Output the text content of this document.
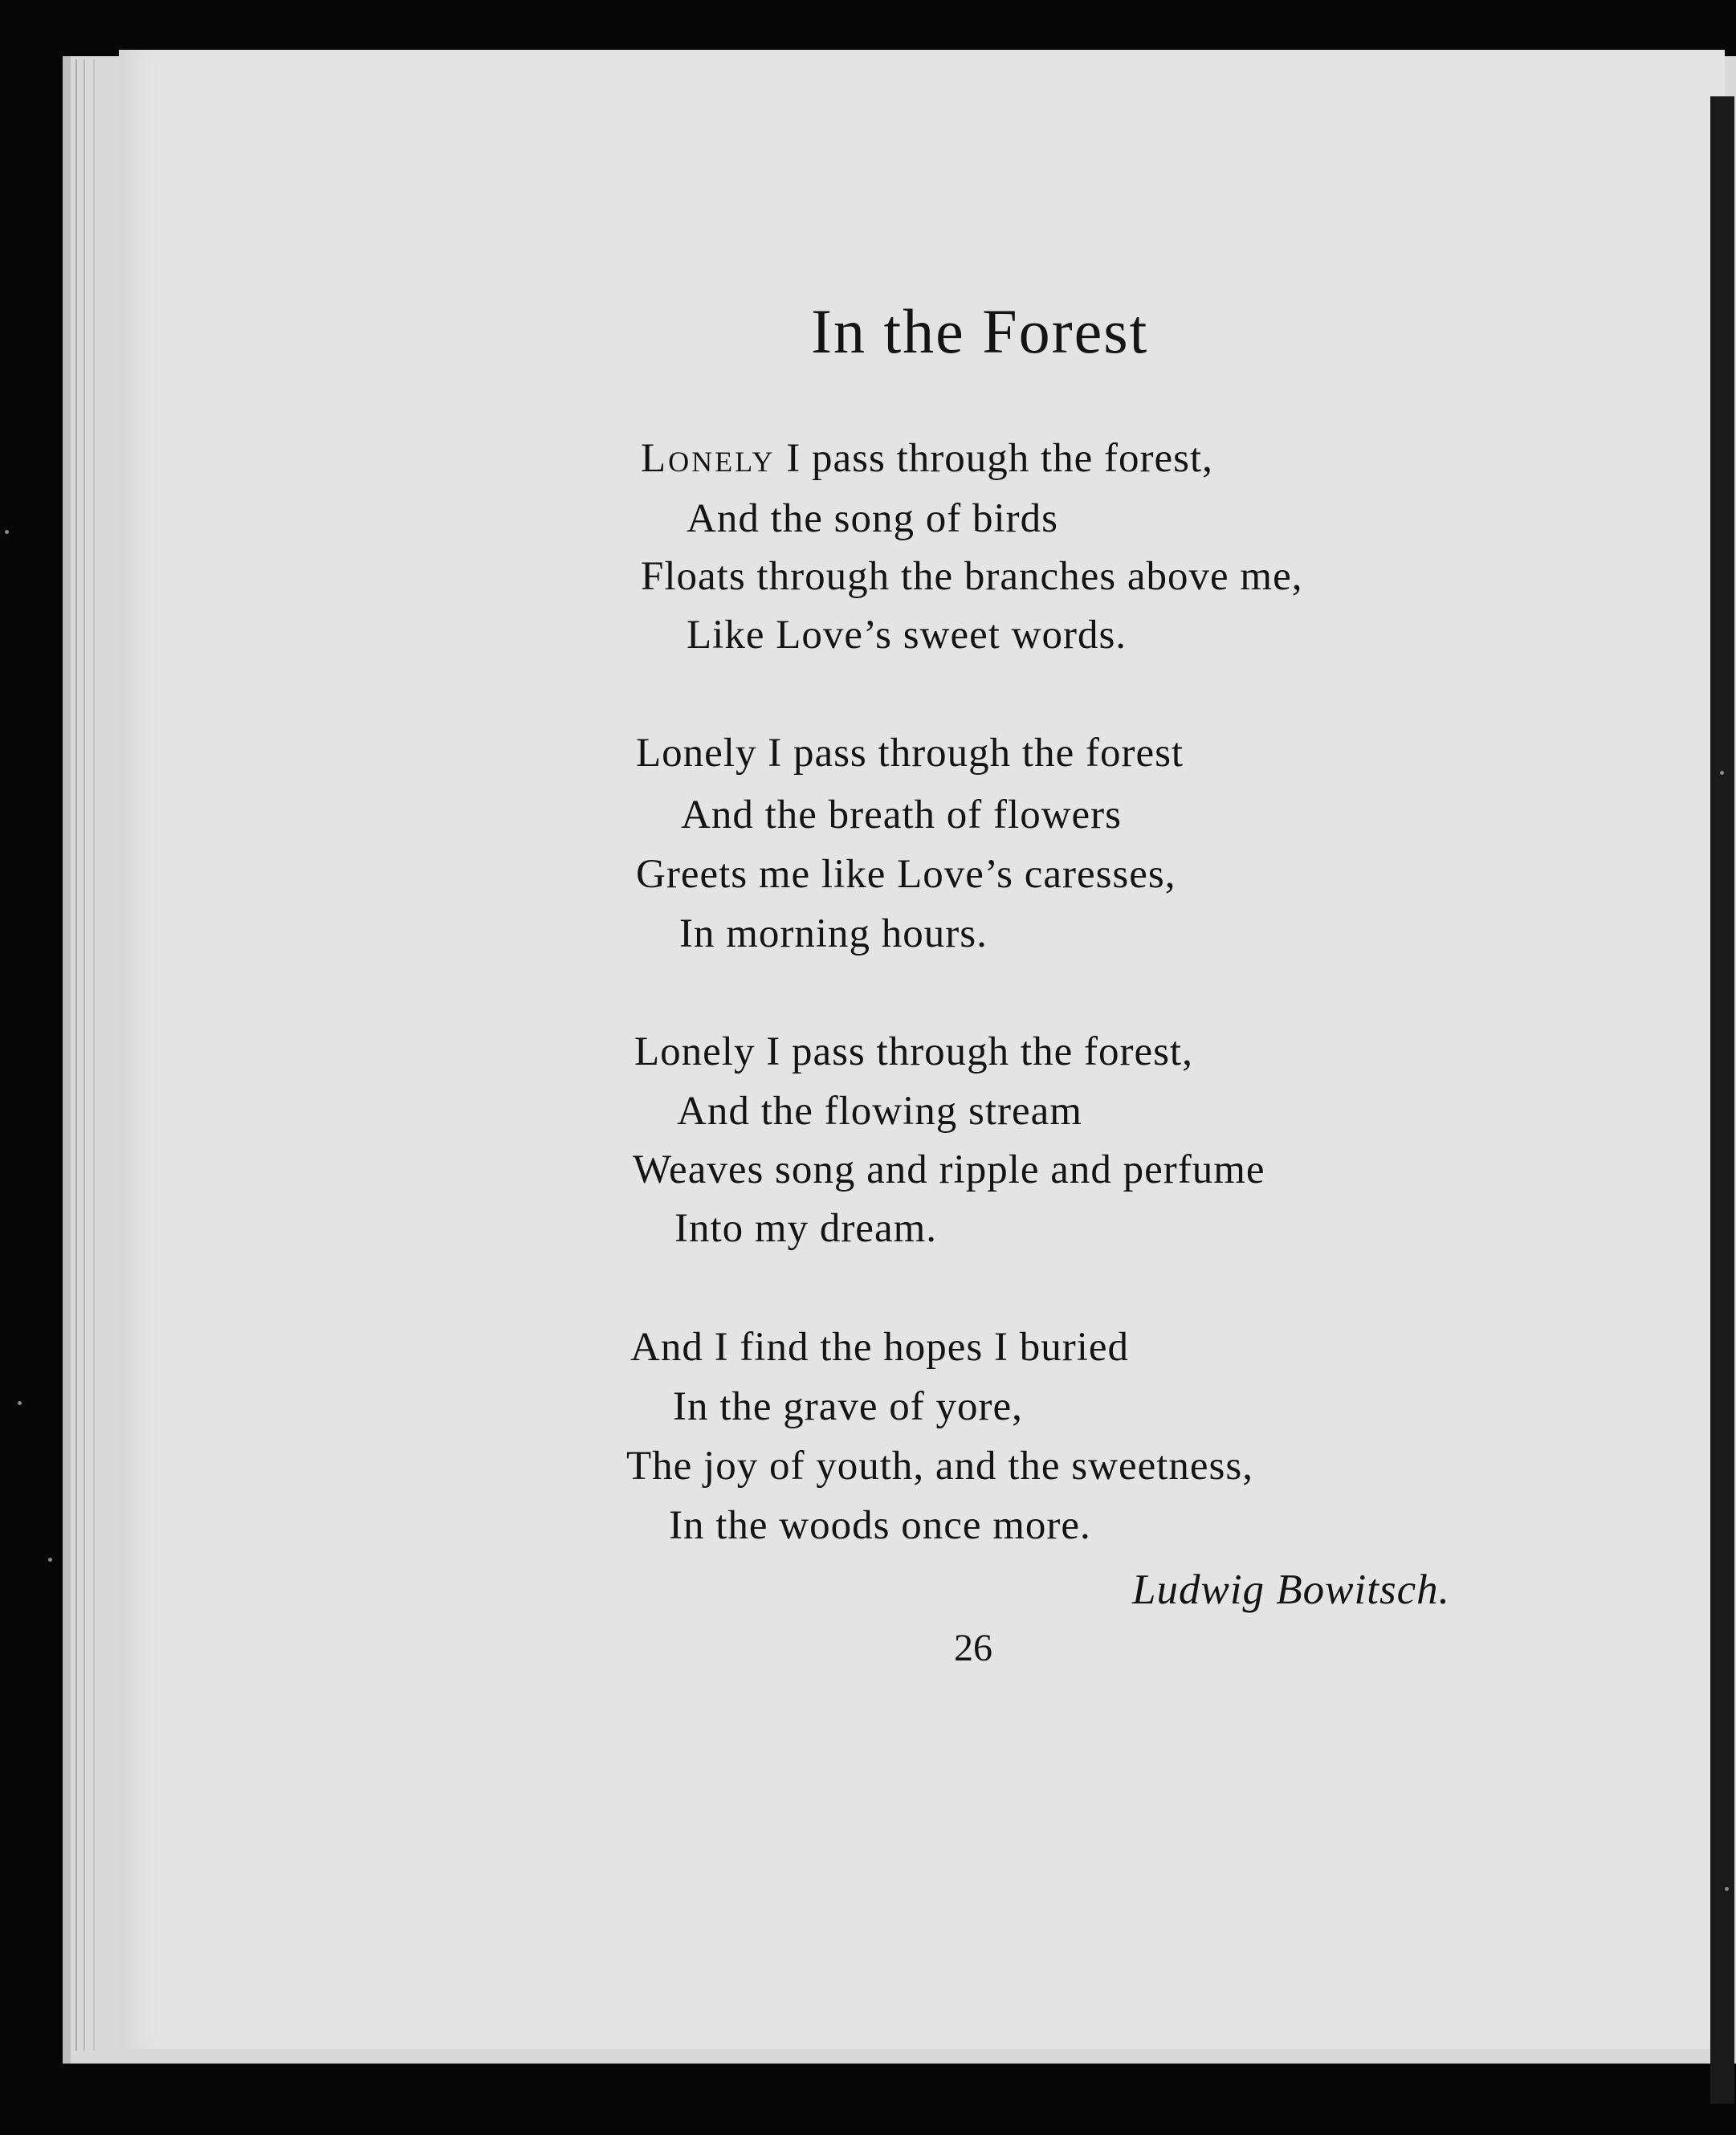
In the Forest
Lonely I pass through the forest,
And the song of birds
Floats through the branches above me,
Like Love’s sweet words.
Lonely I pass through the forest
And the breath of flowers
Greets me like Love’s caresses,
In morning hours.
Lonely I pass through the forest,
And the flowing stream
Weaves song and ripple and perfume
Into my dream.
And I find the hopes I buried
In the grave of yore,
The joy of youth, and the sweetness,
In the woods once more.
Ludwig Bowitsch.
26
